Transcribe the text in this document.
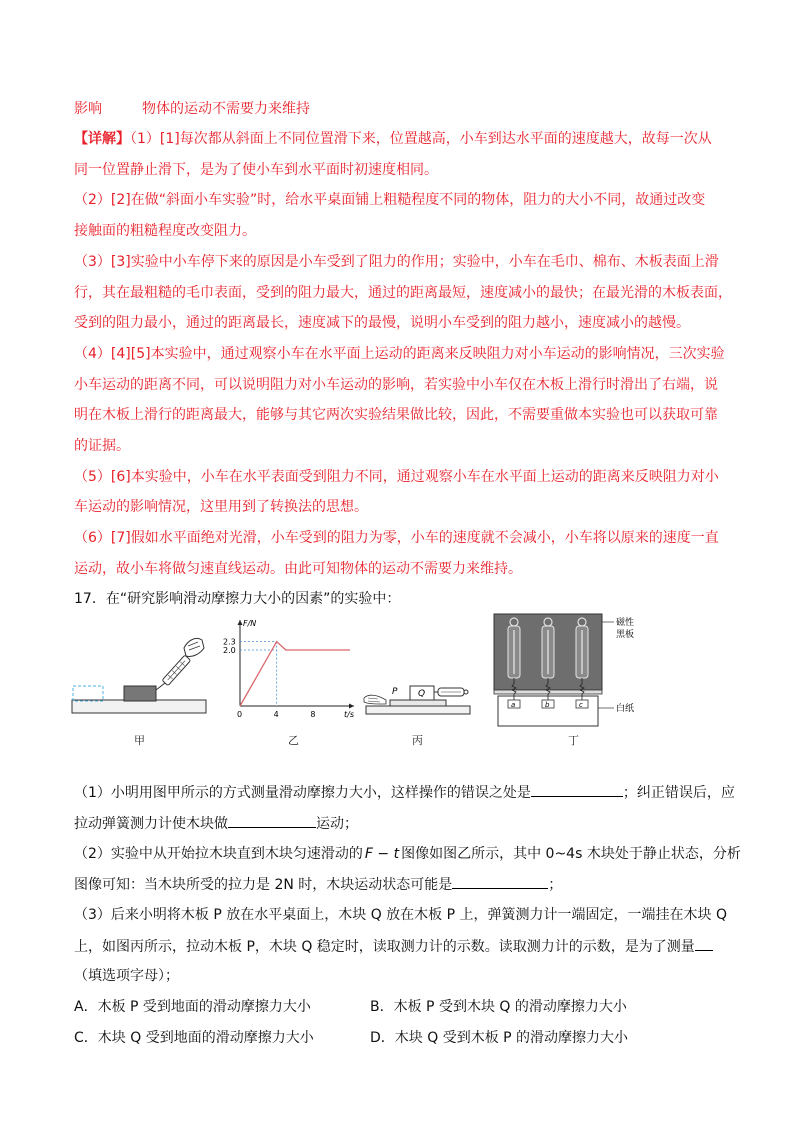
影响	物体的运动不需要力来维持
【详解】（1）[1]每次都从斜面上不同位置滑下来，位置越高，小车到达水平面的速度越大，故每一次从
同一位置静止滑下，是为了使小车到水平面时初速度相同。
（2）[2]在做“斜面小车实验”时，给水平桌面铺上粗糙程度不同的物体，阻力的大小不同，故通过改变
接触面的粗糙程度改变阻力。
（3）[3]实验中小车停下来的原因是小车受到了阻力的作用；实验中，小车在毛巾、棉布、木板表面上滑
行，其在最粗糙的毛巾表面，受到的阻力最大，通过的距离最短，速度减小的最快；在最光滑的木板表面，
受到的阻力最小，通过的距离最长，速度减下的最慢，说明小车受到的阻力越小，速度减小的越慢。
（4）[4][5]本实验中，通过观察小车在水平面上运动的距离来反映阻力对小车运动的影响情况，三次实验
小车运动的距离不同，可以说明阻力对小车运动的影响，若实验中小车仅在木板上滑行时滑出了右端，说
明在木板上滑行的距离最大，能够与其它两次实验结果做比较，因此，不需要重做本实验也可以获取可靠
的证据。
（5）[6]本实验中，小车在水平表面受到阻力不同，通过观察小车在水平面上运动的距离来反映阻力对小
车运动的影响情况，这里用到了转换法的思想。
（6）[7]假如水平面绝对光滑，小车受到的阻力为零，小车的速度就不会减小，小车将以原来的速度一直
运动，故小车将做匀速直线运动。由此可知物体的运动不需要力来维持。
17．在“研究影响滑动摩擦力大小的因素”的实验中：
F/N
t/s
0	4	8
2.0
2.3
P Q
a	b	c
磁性
黑板
白纸
甲	乙	丙	丁
（1）小明用图甲所示的方式测量滑动摩擦力大小，这样操作的错误之处是	；纠正错误后，应
拉动弹簧测力计使木块做	运动；
（2）实验中从开始拉木块直到木块匀速滑动的 F − t 图像如图乙所示，其中 0~4s 木块处于静止状态，分析
图像可知：当木块所受的拉力是 2N 时，木块运动状态可能是	；
（3）后来小明将木板 P 放在水平桌面上，木块 Q 放在木板 P 上，弹簧测力计一端固定，一端挂在木块 Q
上，如图丙所示，拉动木板 P，木块 Q 稳定时，读取测力计的示数。读取测力计的示数，是为了测量
（填选项字母）；
A．木板 P 受到地面的滑动摩擦力大小	B．木板 P 受到木块 Q 的滑动摩擦力大小
C．木块 Q 受到地面的滑动摩擦力大小	D．木块 Q 受到木板 P 的滑动摩擦力大小
